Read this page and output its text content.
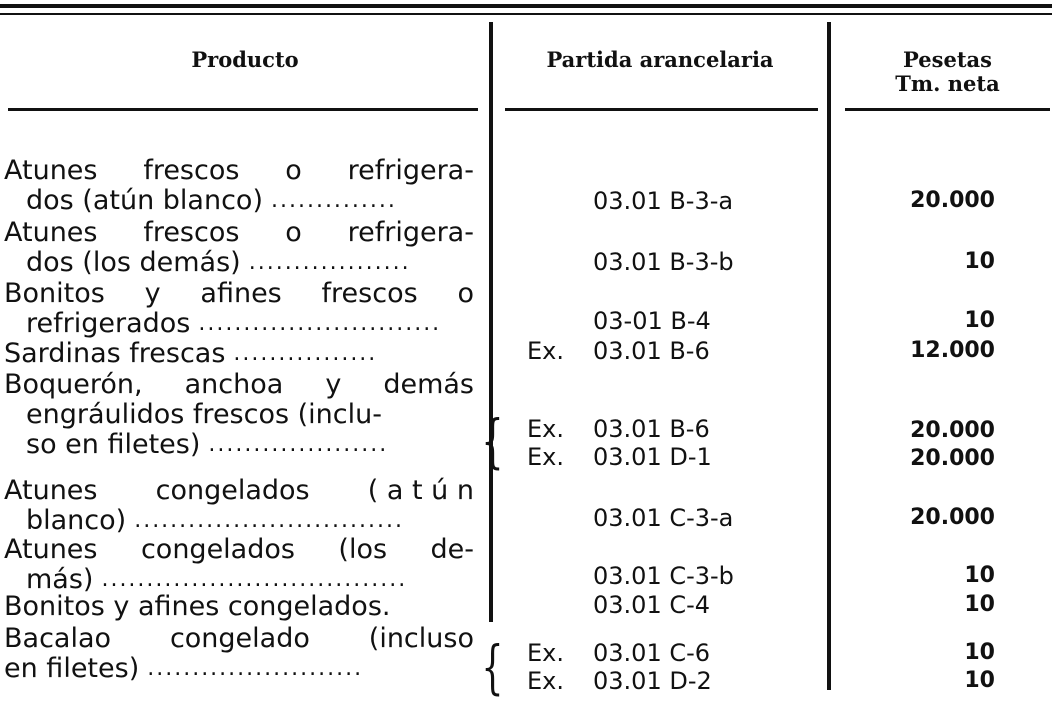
Producto	Partida arancelaria	Pesetas
Tm. neta
Atunes frescos o refrigera-
dos (atún blanco) ..............	03.01 B-3-a	20.000
Atunes frescos o refrigera-
dos (los demás) ..................	03.01 B-3-b	10
Bonitos y afines frescos o
refrigerados ...........................	03-01 B-4	10
Sardinas frescas ................	Ex. 03.01 B-6	12.000
Boquerón, anchoa y demás
engráulidos frescos (inclu-
so en filetes) ....................	{ Ex. 03.01 B-6	20.000
Ex. 03.01 D-1	20.000
Atunes congelados ( a t ú n
blanco) ..............................	03.01 C-3-a	20.000
Atunes congelados (los de-
más) ..................................	03.01 C-3-b	10
Bonitos y afines congelados.	03.01 C-4	10
Bacalao congelado (incluso
en filetes) ........................	{ Ex. 03.01 C-6	10
Ex. 03.01 D-2	10
